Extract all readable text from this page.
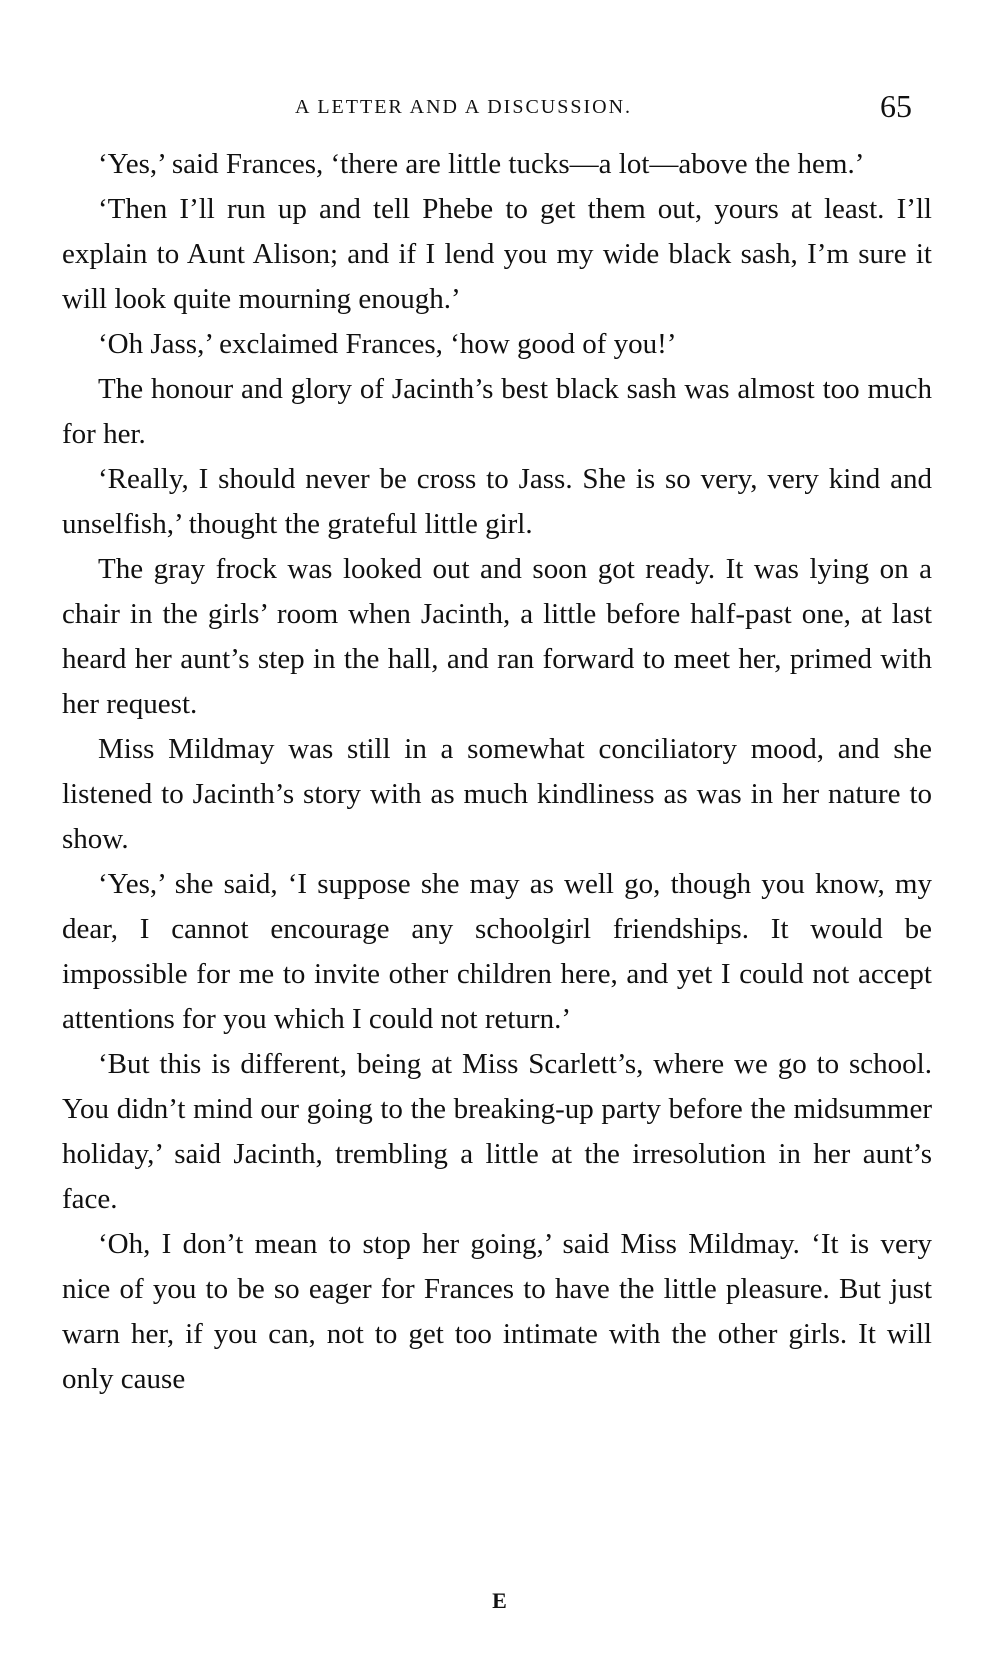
A LETTER AND A DISCUSSION.	65

‘Yes,’ said Frances, ‘there are little tucks—a lot—above the hem.’

‘Then I’ll run up and tell Phebe to get them out, yours at least. I’ll explain to Aunt Alison; and if I lend you my wide black sash, I’m sure it will look quite mourning enough.’

‘Oh Jass,’ exclaimed Frances, ‘how good of you!’

The honour and glory of Jacinth’s best black sash was almost too much for her.

‘Really, I should never be cross to Jass. She is so very, very kind and unselfish,’ thought the grateful little girl.

The gray frock was looked out and soon got ready. It was lying on a chair in the girls’ room when Jacinth, a little before half-past one, at last heard her aunt’s step in the hall, and ran forward to meet her, primed with her request.

Miss Mildmay was still in a somewhat conciliatory mood, and she listened to Jacinth’s story with as much kindliness as was in her nature to show.

‘Yes,’ she said, ‘I suppose she may as well go, though you know, my dear, I cannot encourage any schoolgirl friendships. It would be impossible for me to invite other children here, and yet I could not accept attentions for you which I could not return.’

‘But this is different, being at Miss Scarlett’s, where we go to school. You didn’t mind our going to the breaking-up party before the midsummer holiday,’ said Jacinth, trembling a little at the irresolution in her aunt’s face.

‘Oh, I don’t mean to stop her going,’ said Miss Mildmay. ‘It is very nice of you to be so eager for Frances to have the little pleasure. But just warn her, if you can, not to get too intimate with the other girls. It will only cause

E
